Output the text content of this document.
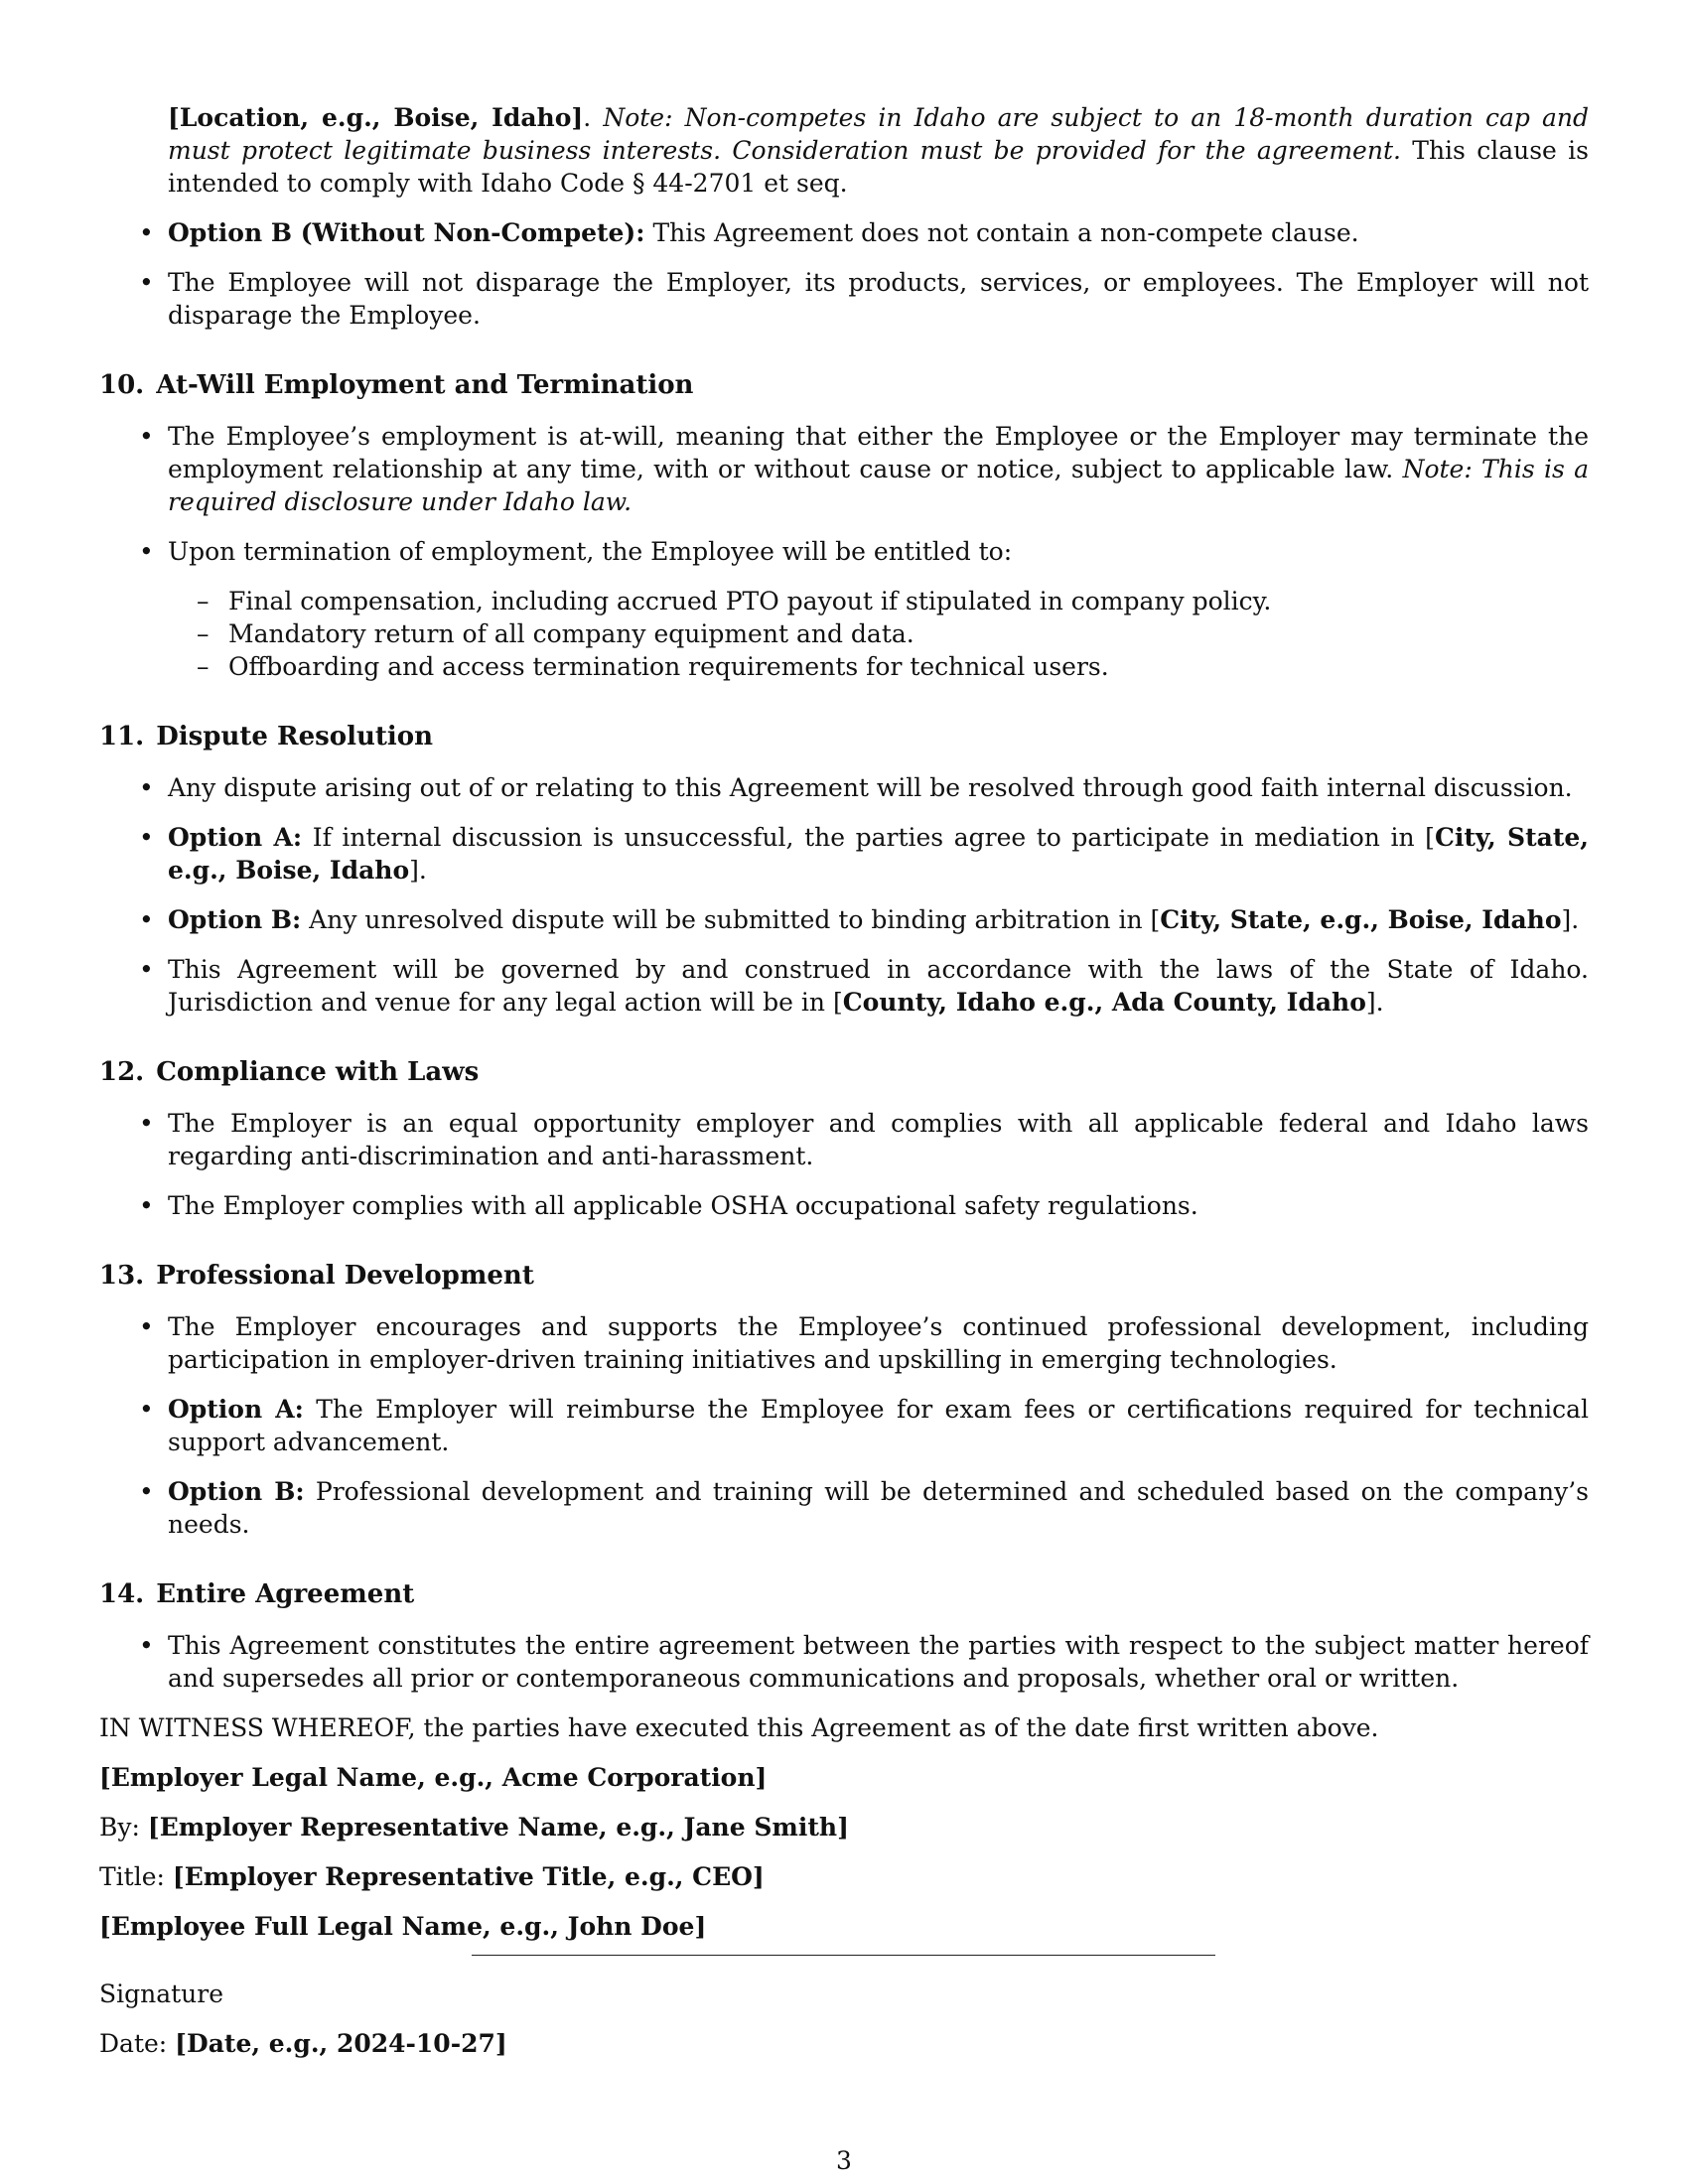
[Location, e.g., Boise, Idaho]. Note: Non-competes in Idaho are subject to an 18-month duration cap and must protect legitimate business interests. Consideration must be provided for the agreement. This clause is intended to comply with Idaho Code § 44-2701 et seq.
• Option B (Without Non-Compete): This Agreement does not contain a non-compete clause.
• The Employee will not disparage the Employer, its products, services, or employees. The Employer will not disparage the Employee.
10. At-Will Employment and Termination
• The Employee’s employment is at-will, meaning that either the Employee or the Employer may terminate the employment relationship at any time, with or without cause or notice, subject to applicable law. Note: This is a required disclosure under Idaho law.
• Upon termination of employment, the Employee will be entitled to:
– Final compensation, including accrued PTO payout if stipulated in company policy.
– Mandatory return of all company equipment and data.
– Offboarding and access termination requirements for technical users.
11. Dispute Resolution
• Any dispute arising out of or relating to this Agreement will be resolved through good faith internal discussion.
• Option A: If internal discussion is unsuccessful, the parties agree to participate in mediation in [City, State, e.g., Boise, Idaho].
• Option B: Any unresolved dispute will be submitted to binding arbitration in [City, State, e.g., Boise, Idaho].
• This Agreement will be governed by and construed in accordance with the laws of the State of Idaho. Jurisdiction and venue for any legal action will be in [County, Idaho e.g., Ada County, Idaho].
12. Compliance with Laws
• The Employer is an equal opportunity employer and complies with all applicable federal and Idaho laws regarding anti-discrimination and anti-harassment.
• The Employer complies with all applicable OSHA occupational safety regulations.
13. Professional Development
• The Employer encourages and supports the Employee’s continued professional development, including participation in employer-driven training initiatives and upskilling in emerging technologies.
• Option A: The Employer will reimburse the Employee for exam fees or certifications required for technical support advancement.
• Option B: Professional development and training will be determined and scheduled based on the company’s needs.
14. Entire Agreement
• This Agreement constitutes the entire agreement between the parties with respect to the subject matter hereof and supersedes all prior or contemporaneous communications and proposals, whether oral or written.

IN WITNESS WHEREOF, the parties have executed this Agreement as of the date first written above.

[Employer Legal Name, e.g., Acme Corporation]

By: [Employer Representative Name, e.g., Jane Smith]

Title: [Employer Representative Title, e.g., CEO]

[Employee Full Legal Name, e.g., John Doe]

Signature

Date: [Date, e.g., 2024-10-27]

3
